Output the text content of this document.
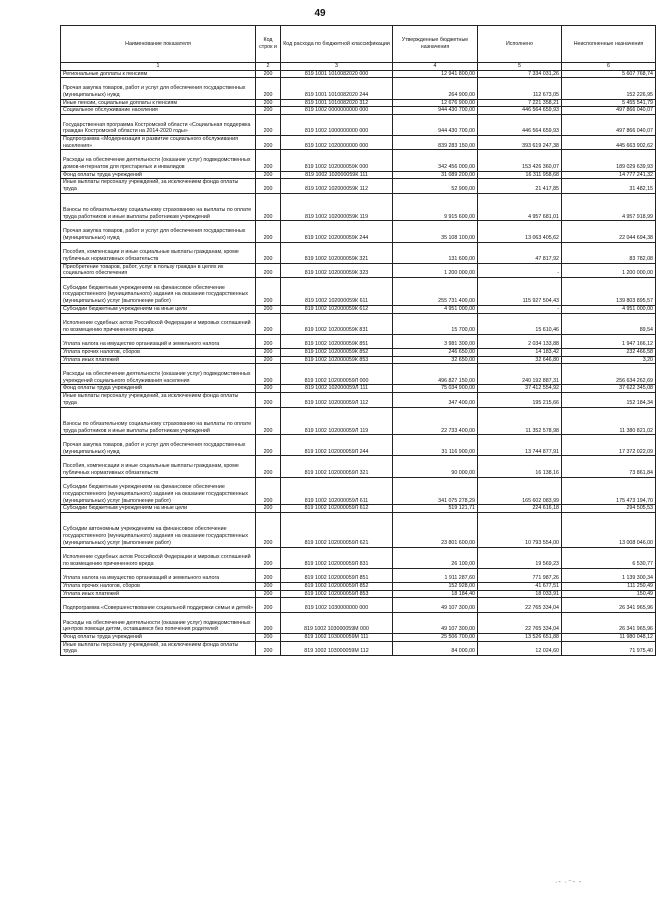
49
Наименование показателя	Код строк и	Код расхода по бюджетной классификации	Утвержденные бюджетные назначения	Исполнено	Неисполненные назначения
1	2	3	4	5	6
Региональные доплаты к пенсиям	200	819 1001 1010082020 000	12 941 800,00	7 334 031,26	5 607 768,74
Прочая закупка товаров, работ и услуг для обеспечения государственных (муниципальных) нужд	200	819 1001 1010082020 244	264 900,00	112 673,05	152 226,95
Иные пенсии, социальные доплаты к пенсиям	200	819 1001 1010082020 312	12 676 900,00	7 221 358,21	5 455 541,79
Социальное обслуживание населения	200	819 1002 0000000000 000	944 430 700,00	446 564 659,93	497 866 040,07
Государственная программа Костромской области «Социальная поддержка граждан Костромской области на 2014-2020 годы»	200	819 1002 1000000000 000	944 430 700,00	446 564 659,93	497 866 040,07
Подпрограмма «Модернизация и развитие социального обслуживания населения»	200	819 1002 1020000000 000	839 283 150,00	393 619 247,38	445 663 902,62
Расходы на обеспечение деятельности (оказание услуг) подведомственных домов-интернатов для престарелых и инвалидов	200	819 1002 102000059К 000	342 456 000,00	153 426 360,07	189 029 639,93
Фонд оплаты труда учреждений	200	819 1002 102000059К 111	31 089 200,00	16 311 958,68	14 777 241,32
Иные выплаты персоналу учреждений, за исключением фонда оплаты труда	200	819 1002 102000059К 112	52 900,00	21 417,85	31 482,15
Взносы по обязательному социальному страхованию на выплаты по оплате труда работников и иные выплаты работникам учреждений	200	819 1002 102000059К 119	9 915 600,00	4 957 681,01	4 957 918,99
Прочая закупка товаров, работ и услуг для обеспечения государственных (муниципальных) нужд	200	819 1002 102000059К 244	35 108 100,00	13 063 405,62	22 044 694,38
Пособия, компенсации и иные социальные выплаты гражданам, кроме публичных нормативных обязательств	200	819 1002 102000059К 321	131 600,00	47 817,92	83 782,08
Приобретение товаров, работ, услуг в пользу граждан в целях их социального обеспечения	200	819 1002 102000059К 323	1 200 000,00	-	1 200 000,00
Субсидии бюджетным учреждениям на финансовое обеспечение государственного (муниципального) задания на оказание государственных (муниципальных) услуг (выполнение работ)	200	819 1002 102000059К 611	255 731 400,00	115 927 504,43	139 803 895,57
Субсидии бюджетным учреждениям на иные цели	200	819 1002 102000059К 612	4 951 000,00	-	4 951 000,00
Исполнение судебных актов Российской Федерации и мировых соглашений по возмещению причиненного вреда	200	819 1002 102000059К 831	15 700,00	15 610,46	89,54
Уплата налога на имущество организаций и земельного налога	200	819 1002 102000059К 851	3 981 300,00	2 034 133,88	1 947 166,12
Уплата прочих налогов, сборов	200	819 1002 102000059К 852	246 650,00	14 183,42	232 466,58
Уплата иных платежей	200	819 1002 102000059К 853	32 650,00	32 646,80	3,20
Расходы на обеспечение деятельности (оказание услуг) подведомственных учреждений социального обслуживания населения	200	819 1002 102000059Л 000	496 827 150,00	240 192 887,31	256 634 262,69
Фонд оплаты труда учреждений	200	819 1002 102000059Л 111	75 034 900,00	37 412 554,92	37 622 345,08
Иные выплаты персоналу учреждений, за исключением фонда оплаты труда	200	819 1002 102000059Л 112	347 400,00	195 215,66	152 184,34
Взносы по обязательному социальному страхованию на выплаты по оплате труда работников и иные выплаты работникам учреждений	200	819 1002 102000059Л 119	22 733 400,00	11 352 578,98	11 380 821,02
Прочая закупка товаров, работ и услуг для обеспечения государственных (муниципальных) нужд	200	819 1002 102000059Л 244	31 116 900,00	13 744 877,91	17 372 022,09
Пособия, компенсации и иные социальные выплаты гражданам, кроме публичных нормативных обязательств	200	819 1002 102000059Л 321	90 000,00	16 138,16	73 861,84
Субсидии бюджетным учреждениям на финансовое обеспечение государственного (муниципального) задания на оказание государственных (муниципальных) услуг (выполнение работ)	200	819 1002 102000059Л 611	341 075 278,29	165 602 083,99	175 473 194,70
Субсидии бюджетным учреждениям на иные цели	200	819 1002 102000059Л 612	519 121,71	224 616,18	294 505,53
Субсидии автономным учреждениям на финансовое обеспечение государственного (муниципального) задания на оказание государственных (муниципальных) услуг (выполнение работ)	200	819 1002 102000059Л 621	23 801 600,00	10 793 554,00	13 008 046,00
Исполнение судебных актов Российской Федерации и мировых соглашений по возмещению причиненного вреда	200	819 1002 102000059Л 831	26 100,00	19 569,23	6 530,77
Уплата налога на имущество организаций и земельного налога	200	819 1002 102000059Л 851	1 911 287,60	771 987,26	1 139 300,34
Уплата прочих налогов, сборов	200	819 1002 102000059Л 852	152 928,00	41 677,51	111 250,49
Уплата иных платежей	200	819 1002 102000059Л 853	18 184,40	18 033,91	150,49
Подпрограмма «Совершенствование социальной поддержки семьи и детей»	200	819 1002 1030000000 000	49 107 300,00	22 765 334,04	26 341 965,96
Расходы на обеспечение деятельности (оказание услуг) подведомственных центров помощи детям, оставшимся без попечения родителей	200	819 1002 103000059М 000	49 107 300,00	22 765 334,04	26 341 965,96
Фонд оплаты труда учреждений	200	819 1002 103000059М 111	25 506 700,00	13 526 651,88	11 980 048,12
Иные выплаты персоналу учреждений, за исключением фонда оплаты труда	200	819 1002 103000059М 112	84 000,00	12 024,60	71 975,40
·‐ ·⁻‑ ‑
